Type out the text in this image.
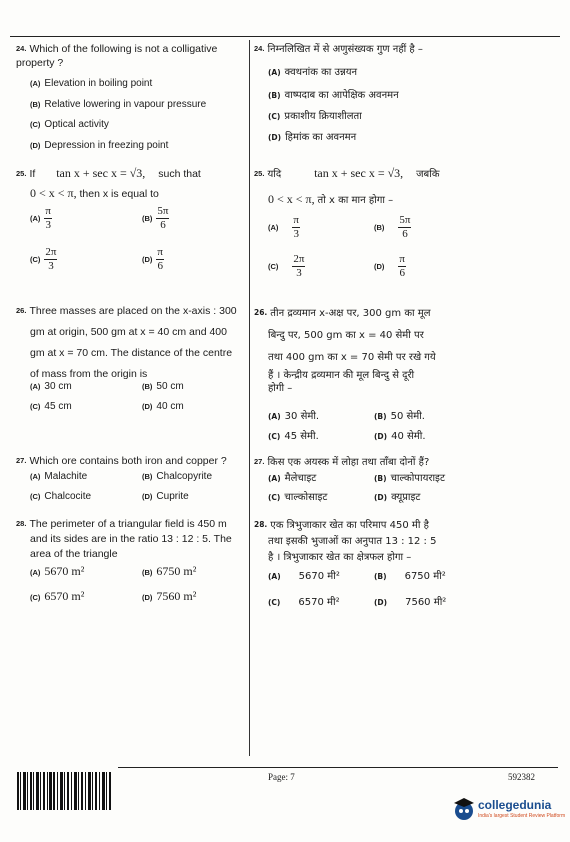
24. Which of the following is not a colligative property ?
(A) Elevation in boiling point
(B) Relative lowering in vapour pressure
(C) Optical activity
(D) Depression in freezing point
24. निम्नलिखित में से अणुसंख्यक गुण नहीं है –
(A) क्वथनांक का उन्नयन
(B) वाष्पदाब का आपेक्षिक अवनमन
(C) प्रकाशीय क्रियाशीलता
(D) हिमांक का अवनमन
25. If tan x + sec x = √3, such that
0 < x < π, then x is equal to
$(A) \frac{\pi}{3}$	$(B) \frac{5\pi}{6}$
$(C) \frac{2\pi}{3}$	$(D) \frac{\pi}{6}$
25. यदि	tan x + sec x = √3, जबकि
0 < x < π, तो x का मान होगा –
$(A) \frac{\pi}{3}$	$(B) \frac{5\pi}{6}$
$(C) \frac{2\pi}{3}$	$(D) \frac{\pi}{6}$
26. Three masses are placed on the x-axis : 300
gm at origin, 500 gm at x = 40 cm and 400
gm at x = 70 cm. The distance of the centre
of mass from the origin is
(A) 30 cm	(B) 50 cm
(C) 45 cm	(D) 40 cm
26. तीन द्रव्यमान x-अक्ष पर, 300 gm का मूल
बिन्दु पर, 500 gm का x = 40 सेमी पर
तथा 400 gm का x = 70 सेमी पर रखे गये
हैं । केन्द्रीय द्रव्यमान की मूल बिन्दु से दूरी
होगी –
(A) 30 सेमी.	(B) 50 सेमी.
(C) 45 सेमी.	(D) 40 सेमी.
27. Which ore contains both iron and copper ?
(A) Malachite	(B) Chalcopyrite
(C) Chalcocite	(D) Cuprite
27. किस एक अयस्क में लोहा तथा ताँबा दोनों हैं?
(A) मैलेचाइट	(B) चाल्कोपायराइट
(C) चाल्कोसाइट	(D) क्यूप्राइट
28. The perimeter of a triangular field is 450 m
and its sides are in the ratio 13 : 12 : 5. The
area of the triangle
(A) 5670 m²	(B) 6750 m²
(C) 6570 m²	(D) 7560 m²
28. एक त्रिभुजाकार खेत का परिमाप 450 मी है
तथा इसकी भुजाओं का अनुपात 13 : 12 : 5
है । त्रिभुजाकार खेत का क्षेत्रफल होगा –
(A) 5670 मी²	(B) 6750 मी²
(C) 6570 मी²	(D) 7560 मी²
Page: 7	592382
collegedunia
India's largest Student Review Platform
